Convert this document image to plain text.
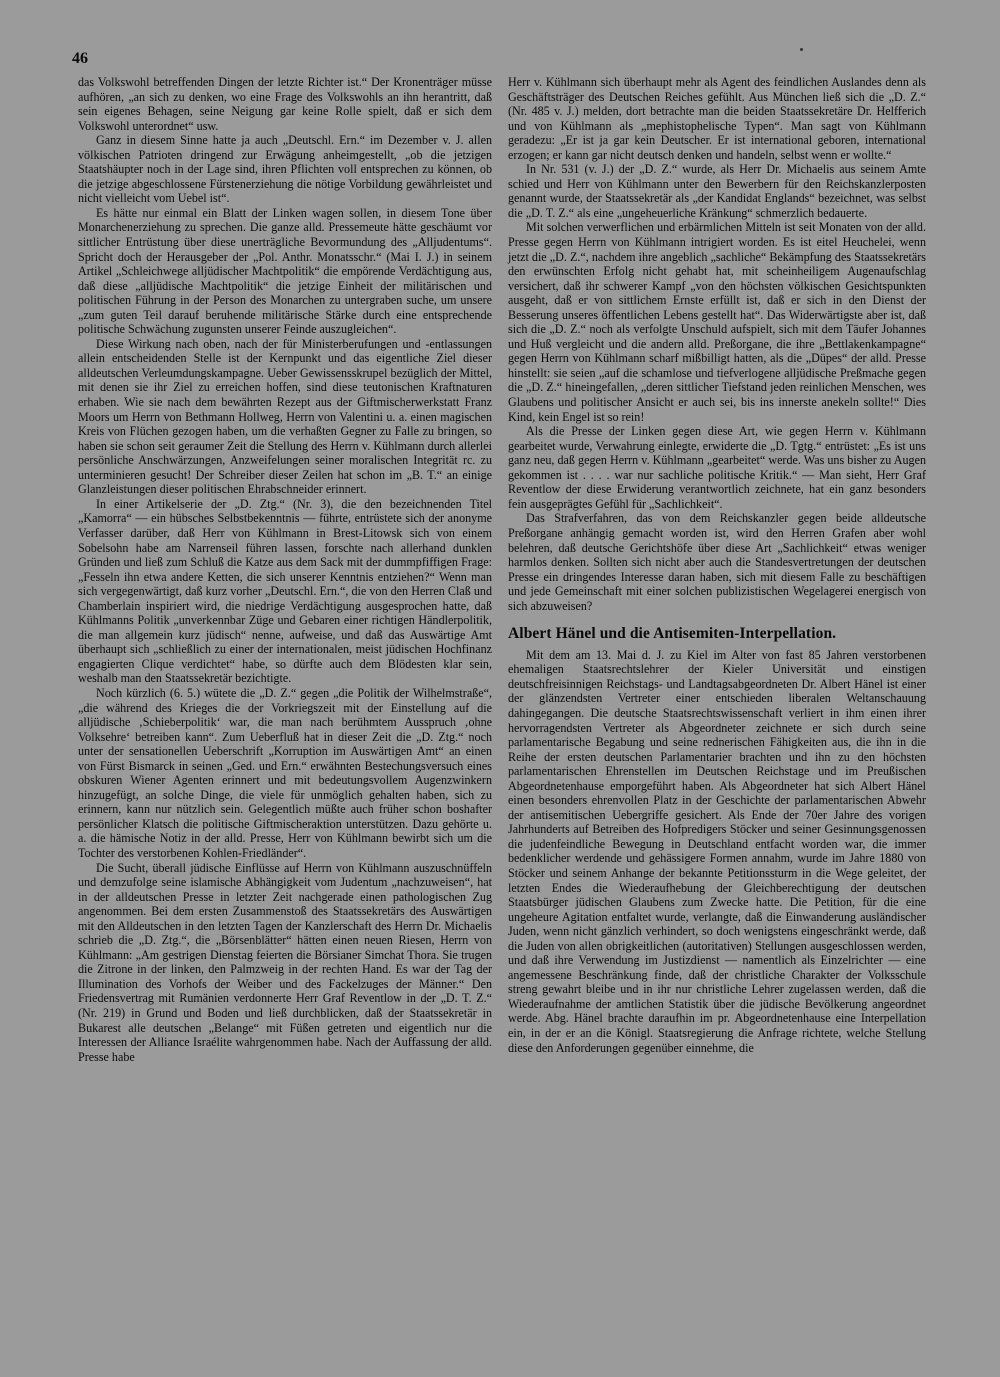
46

das Volkswohl betreffenden Dingen der letzte Richter ist.“ Der Kronenträger müsse aufhören, „an sich zu denken, wo eine Frage des Volkswohls an ihn herantritt, daß sein eigenes Behagen, seine Neigung gar keine Rolle spielt, daß er sich dem Volkswohl unterordnet“ usw.

Ganz in diesem Sinne hatte ja auch „Deutschl. Ern.“ im Dezember v. J. allen völkischen Patrioten dringend zur Erwägung anheimgestellt, „ob die jetzigen Staatshäupter noch in der Lage sind, ihren Pflichten voll entsprechen zu können, ob die jetzige abgeschlossene Fürstenerziehung die nötige Vorbildung gewährleistet und nicht vielleicht vom Uebel ist“.

Es hätte nur einmal ein Blatt der Linken wagen sollen, in diesem Tone über Monarchenerziehung zu sprechen. Die ganze alld. Pressemeute hätte geschäumt vor sittlicher Entrüstung über diese unerträgliche Bevormundung des „Alljudentums“. Spricht doch der Herausgeber der „Pol. Anthr. Monatsschr.“ (Mai I. J.) in seinem Artikel „Schleichwege alljüdischer Machtpolitik“ die empörende Verdächtigung aus, daß diese „alljüdische Machtpolitik“ die jetzige Einheit der militärischen und politischen Führung in der Person des Monarchen zu untergraben suche, um unsere „zum guten Teil darauf beruhende militärische Stärke durch eine entsprechende politische Schwächung zugunsten unserer Feinde auszugleichen“.

Diese Wirkung nach oben, nach der für Ministerberufungen und -entlassungen allein entscheidenden Stelle ist der Kernpunkt und das eigentliche Ziel dieser alldeutschen Verleumdungskampagne. Ueber Gewissensskrupel bezüglich der Mittel, mit denen sie ihr Ziel zu erreichen hoffen, sind diese teutonischen Kraftnaturen erhaben. Wie sie nach dem bewährten Rezept aus der Giftmischerwerkstatt Franz Moors um Herrn von Bethmann Hollweg, Herrn von Valentini u. a. einen magischen Kreis von Flüchen gezogen haben, um die verhaßten Gegner zu Falle zu bringen, so haben sie schon seit geraumer Zeit die Stellung des Herrn v. Kühlmann durch allerlei persönliche Anschwärzungen, Anzweifelungen seiner moralischen Integrität rc. zu unterminieren gesucht! Der Schreiber dieser Zeilen hat schon im „B. T.“ an einige Glanzleistungen dieser politischen Ehrabschneider erinnert.

In einer Artikelserie der „D. Ztg.“ (Nr. 3), die den bezeichnenden Titel „Kamorra“ — ein hübsches Selbstbekenntnis — führte, entrüstete sich der anonyme Verfasser darüber, daß Herr von Kühlmann in Brest-Litowsk sich von einem Sobelsohn habe am Narrenseil führen lassen, forschte nach allerhand dunklen Gründen und ließ zum Schluß die Katze aus dem Sack mit der dummpfiffigen Frage: „Fesseln ihn etwa andere Ketten, die sich unserer Kenntnis entziehen?“ Wenn man sich vergegenwärtigt, daß kurz vorher „Deutschl. Ern.“, die von den Herren Claß und Chamberlain inspiriert wird, die niedrige Verdächtigung ausgesprochen hatte, daß Kühlmanns Politik „unverkennbar Züge und Gebaren einer richtigen Händlerpolitik, die man allgemein kurz jüdisch“ nenne, aufweise, und daß das Auswärtige Amt überhaupt sich „schließlich zu einer der internationalen, meist jüdischen Hochfinanz engagierten Clique verdichtet“ habe, so dürfte auch dem Blödesten klar sein, weshalb man den Staatssekretär bezichtigte.

Noch kürzlich (6. 5.) wütete die „D. Z.“ gegen „die Politik der Wilhelmstraße“, „die während des Krieges die der Vorkriegszeit mit der Einstellung auf die alljüdische ‚Schieberpolitik‘ war, die man nach berühmtem Ausspruch ‚ohne Volksehre‘ betreiben kann“. Zum Ueberfluß hat in dieser Zeit die „D. Ztg.“ noch unter der sensationellen Ueberschrift „Korruption im Auswärtigen Amt“ an einen von Fürst Bismarck in seinen „Ged. und Ern.“ erwähnten Bestechungsversuch eines obskuren Wiener Agenten erinnert und mit bedeutungsvollem Augenzwinkern hinzugefügt, an solche Dinge, die viele für unmöglich gehalten haben, sich zu erinnern, kann nur nützlich sein. Gelegentlich müßte auch früher schon boshafter persönlicher Klatsch die politische Giftmischeraktion unterstützen. Dazu gehörte u. a. die hämische Notiz in der alld. Presse, Herr von Kühlmann bewirbt sich um die Tochter des verstorbenen Kohlen-Friedländer“.

Die Sucht, überall jüdische Einflüsse auf Herrn von Kühlmann auszuschnüffeln und demzufolge seine islamische Abhängigkeit vom Judentum „nachzuweisen“, hat in der alldeutschen Presse in letzter Zeit nachgerade einen pathologischen Zug angenommen. Bei dem ersten Zusammenstoß des Staatssekretärs des Auswärtigen mit den Alldeutschen in den letzten Tagen der Kanzlerschaft des Herrn Dr. Michaelis schrieb die „D. Ztg.“, die „Börsenblätter“ hätten einen neuen Riesen, Herrn von Kühlmann: „Am gestrigen Dienstag feierten die Börsianer Simchat Thora. Sie trugen die Zitrone in der linken, den Palmzweig in der rechten Hand. Es war der Tag der Illumination des Vorhofs der Weiber und des Fackelzuges der Männer.“ Den Friedensvertrag mit Rumänien verdonnerte Herr Graf Reventlow in der „D. T. Z.“ (Nr. 219) in Grund und Boden und ließ durchblicken, daß der Staatssekretär in Bukarest alle deutschen „Belange“ mit Füßen getreten und eigentlich nur die Interessen der Alliance Israélite wahrgenommen habe. Nach der Auffassung der alld. Presse habe

Herr v. Kühlmann sich überhaupt mehr als Agent des feindlichen Auslandes denn als Geschäftsträger des Deutschen Reiches gefühlt. Aus München ließ sich die „D. Z.“ (Nr. 485 v. J.) melden, dort betrachte man die beiden Staatssekretäre Dr. Helfferich und von Kühlmann als „mephistophelische Typen“. Man sagt von Kühlmann geradezu: „Er ist ja gar kein Deutscher. Er ist international geboren, international erzogen; er kann gar nicht deutsch denken und handeln, selbst wenn er wollte.“

In Nr. 531 (v. J.) der „D. Z.“ wurde, als Herr Dr. Michaelis aus seinem Amte schied und Herr von Kühlmann unter den Bewerbern für den Reichskanzlerposten genannt wurde, der Staatssekretär als „der Kandidat Englands“ bezeichnet, was selbst die „D. T. Z.“ als eine „ungeheuerliche Kränkung“ schmerzlich bedauerte.

Mit solchen verwerflichen und erbärmlichen Mitteln ist seit Monaten von der alld. Presse gegen Herrn von Kühlmann intrigiert worden. Es ist eitel Heuchelei, wenn jetzt die „D. Z.“, nachdem ihre angeblich „sachliche“ Bekämpfung des Staatssekretärs den erwünschten Erfolg nicht gehabt hat, mit scheinheiligem Augenaufschlag versichert, daß ihr schwerer Kampf „von den höchsten völkischen Gesichtspunkten ausgeht, daß er von sittlichem Ernste erfüllt ist, daß er sich in den Dienst der Besserung unseres öffentlichen Lebens gestellt hat“. Das Widerwärtigste aber ist, daß sich die „D. Z.“ noch als verfolgte Unschuld aufspielt, sich mit dem Täufer Johannes und Huß vergleicht und die andern alld. Preßorgane, die ihre „Bettlakenkampagne“ gegen Herrn von Kühlmann scharf mißbilligt hatten, als die „Düpes“ der alld. Presse hinstellt: sie seien „auf die schamlose und tiefverlogene alljüdische Preßmache gegen die „D. Z.“ hineingefallen, „deren sittlicher Tiefstand jeden reinlichen Menschen, wes Glaubens und politischer Ansicht er auch sei, bis ins innerste anekeln sollte!“ Dies Kind, kein Engel ist so rein!

Als die Presse der Linken gegen diese Art, wie gegen Herrn v. Kühlmann gearbeitet wurde, Verwahrung einlegte, erwiderte die „D. Tgtg.“ entrüstet: „Es ist uns ganz neu, daß gegen Herrn v. Kühlmann „gearbeitet“ werde. Was uns bisher zu Augen gekommen ist . . . . war nur sachliche politische Kritik.“ — Man sieht, Herr Graf Reventlow der diese Erwiderung verantwortlich zeichnete, hat ein ganz besonders fein ausgeprägtes Gefühl für „Sachlichkeit“.

Das Strafverfahren, das von dem Reichskanzler gegen beide alldeutsche Preßorgane anhängig gemacht worden ist, wird den Herren Grafen aber wohl belehren, daß deutsche Gerichtshöfe über diese Art „Sachlichkeit“ etwas weniger harmlos denken. Sollten sich nicht aber auch die Standesvertretungen der deutschen Presse ein dringendes Interesse daran haben, sich mit diesem Falle zu beschäftigen und jede Gemeinschaft mit einer solchen publizistischen Wegelagerei energisch von sich abzuweisen?

Albert Hänel und die Antisemiten-Interpellation.

Mit dem am 13. Mai d. J. zu Kiel im Alter von fast 85 Jahren verstorbenen ehemaligen Staatsrechtslehrer der Kieler Universität und einstigen deutschfreisinnigen Reichstags- und Landtagsabgeordneten Dr. Albert Hänel ist einer der glänzendsten Vertreter einer entschieden liberalen Weltanschauung dahingegangen. Die deutsche Staatsrechtswissenschaft verliert in ihm einen ihrer hervorragendsten Vertreter als Abgeordneter zeichnete er sich durch seine parlamentarische Begabung und seine rednerischen Fähigkeiten aus, die ihn in die Reihe der ersten deutschen Parlamentarier brachten und ihn zu den höchsten parlamentarischen Ehrenstellen im Deutschen Reichstage und im Preußischen Abgeordnetenhause emporgeführt haben. Als Abgeordneter hat sich Albert Hänel einen besonders ehrenvollen Platz in der Geschichte der parlamentarischen Abwehr der antisemitischen Uebergriffe gesichert. Als Ende der 70er Jahre des vorigen Jahrhunderts auf Betreiben des Hofpredigers Stöcker und seiner Gesinnungsgenossen die judenfeindliche Bewegung in Deutschland entfacht worden war, die immer bedenklicher werdende und gehässigere Formen annahm, wurde im Jahre 1880 von Stöcker und seinem Anhange der bekannte Petitionssturm in die Wege geleitet, der letzten Endes die Wiederaufhebung der Gleichberechtigung der deutschen Staatsbürger jüdischen Glaubens zum Zwecke hatte. Die Petition, für die eine ungeheure Agitation entfaltet wurde, verlangte, daß die Einwanderung ausländischer Juden, wenn nicht gänzlich verhindert, so doch wenigstens eingeschränkt werde, daß die Juden von allen obrigkeitlichen (autoritativen) Stellungen ausgeschlossen werden, und daß ihre Verwendung im Justizdienst — namentlich als Einzelrichter — eine angemessene Beschränkung finde, daß der christliche Charakter der Volksschule streng gewahrt bleibe und in ihr nur christliche Lehrer zugelassen werden, daß die Wiederaufnahme der amtlichen Statistik über die jüdische Bevölkerung angeordnet werde. Abg. Hänel brachte daraufhin im pr. Abgeordnetenhause eine Interpellation ein, in der er an die Königl. Staatsregierung die Anfrage richtete, welche Stellung diese den Anforderungen gegenüber einnehme, die
